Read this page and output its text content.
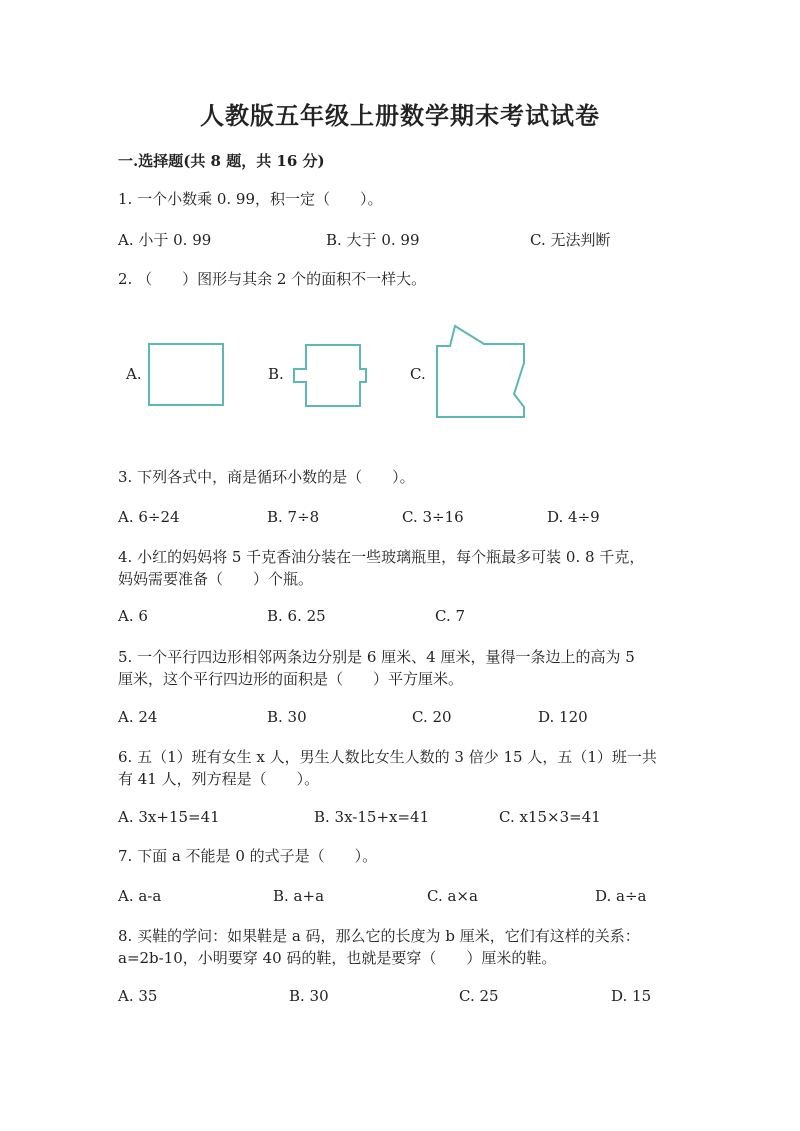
人教版五年级上册数学期末考试试卷
一.选择题(共 8 题，共 16 分)
1. 一个小数乘 0. 99，积一定（　　）。
A. 小于 0. 99	B. 大于 0. 99	C. 无法判断
2. （　　）图形与其余 2 个的面积不一样大。
A.	B.	C.
3. 下列各式中，商是循环小数的是（　　）。
A. 6÷24	B. 7÷8	C. 3÷16	D. 4÷9
4. 小红的妈妈将 5 千克香油分装在一些玻璃瓶里，每个瓶最多可装 0. 8 千克，
妈妈需要准备（　　）个瓶。
A. 6	B. 6. 25	C. 7
5. 一个平行四边形相邻两条边分别是 6 厘米、4 厘米，量得一条边上的高为 5
厘米，这个平行四边形的面积是（　　）平方厘米。
A. 24	B. 30	C. 20	D. 120
6. 五（1）班有女生 x 人，男生人数比女生人数的 3 倍少 15 人，五（1）班一共
有 41 人，列方程是（　　）。
A. 3x+15=41	B. 3x-15+x=41	C. x15×3=41
7. 下面 a 不能是 0 的式子是（　　）。
A. a-a	B. a+a	C. a×a	D. a÷a
8. 买鞋的学问：如果鞋是 a 码，那么它的长度为 b 厘米，它们有这样的关系：
a=2b-10，小明要穿 40 码的鞋，也就是要穿（　　）厘米的鞋。
A. 35	B. 30	C. 25	D. 15
